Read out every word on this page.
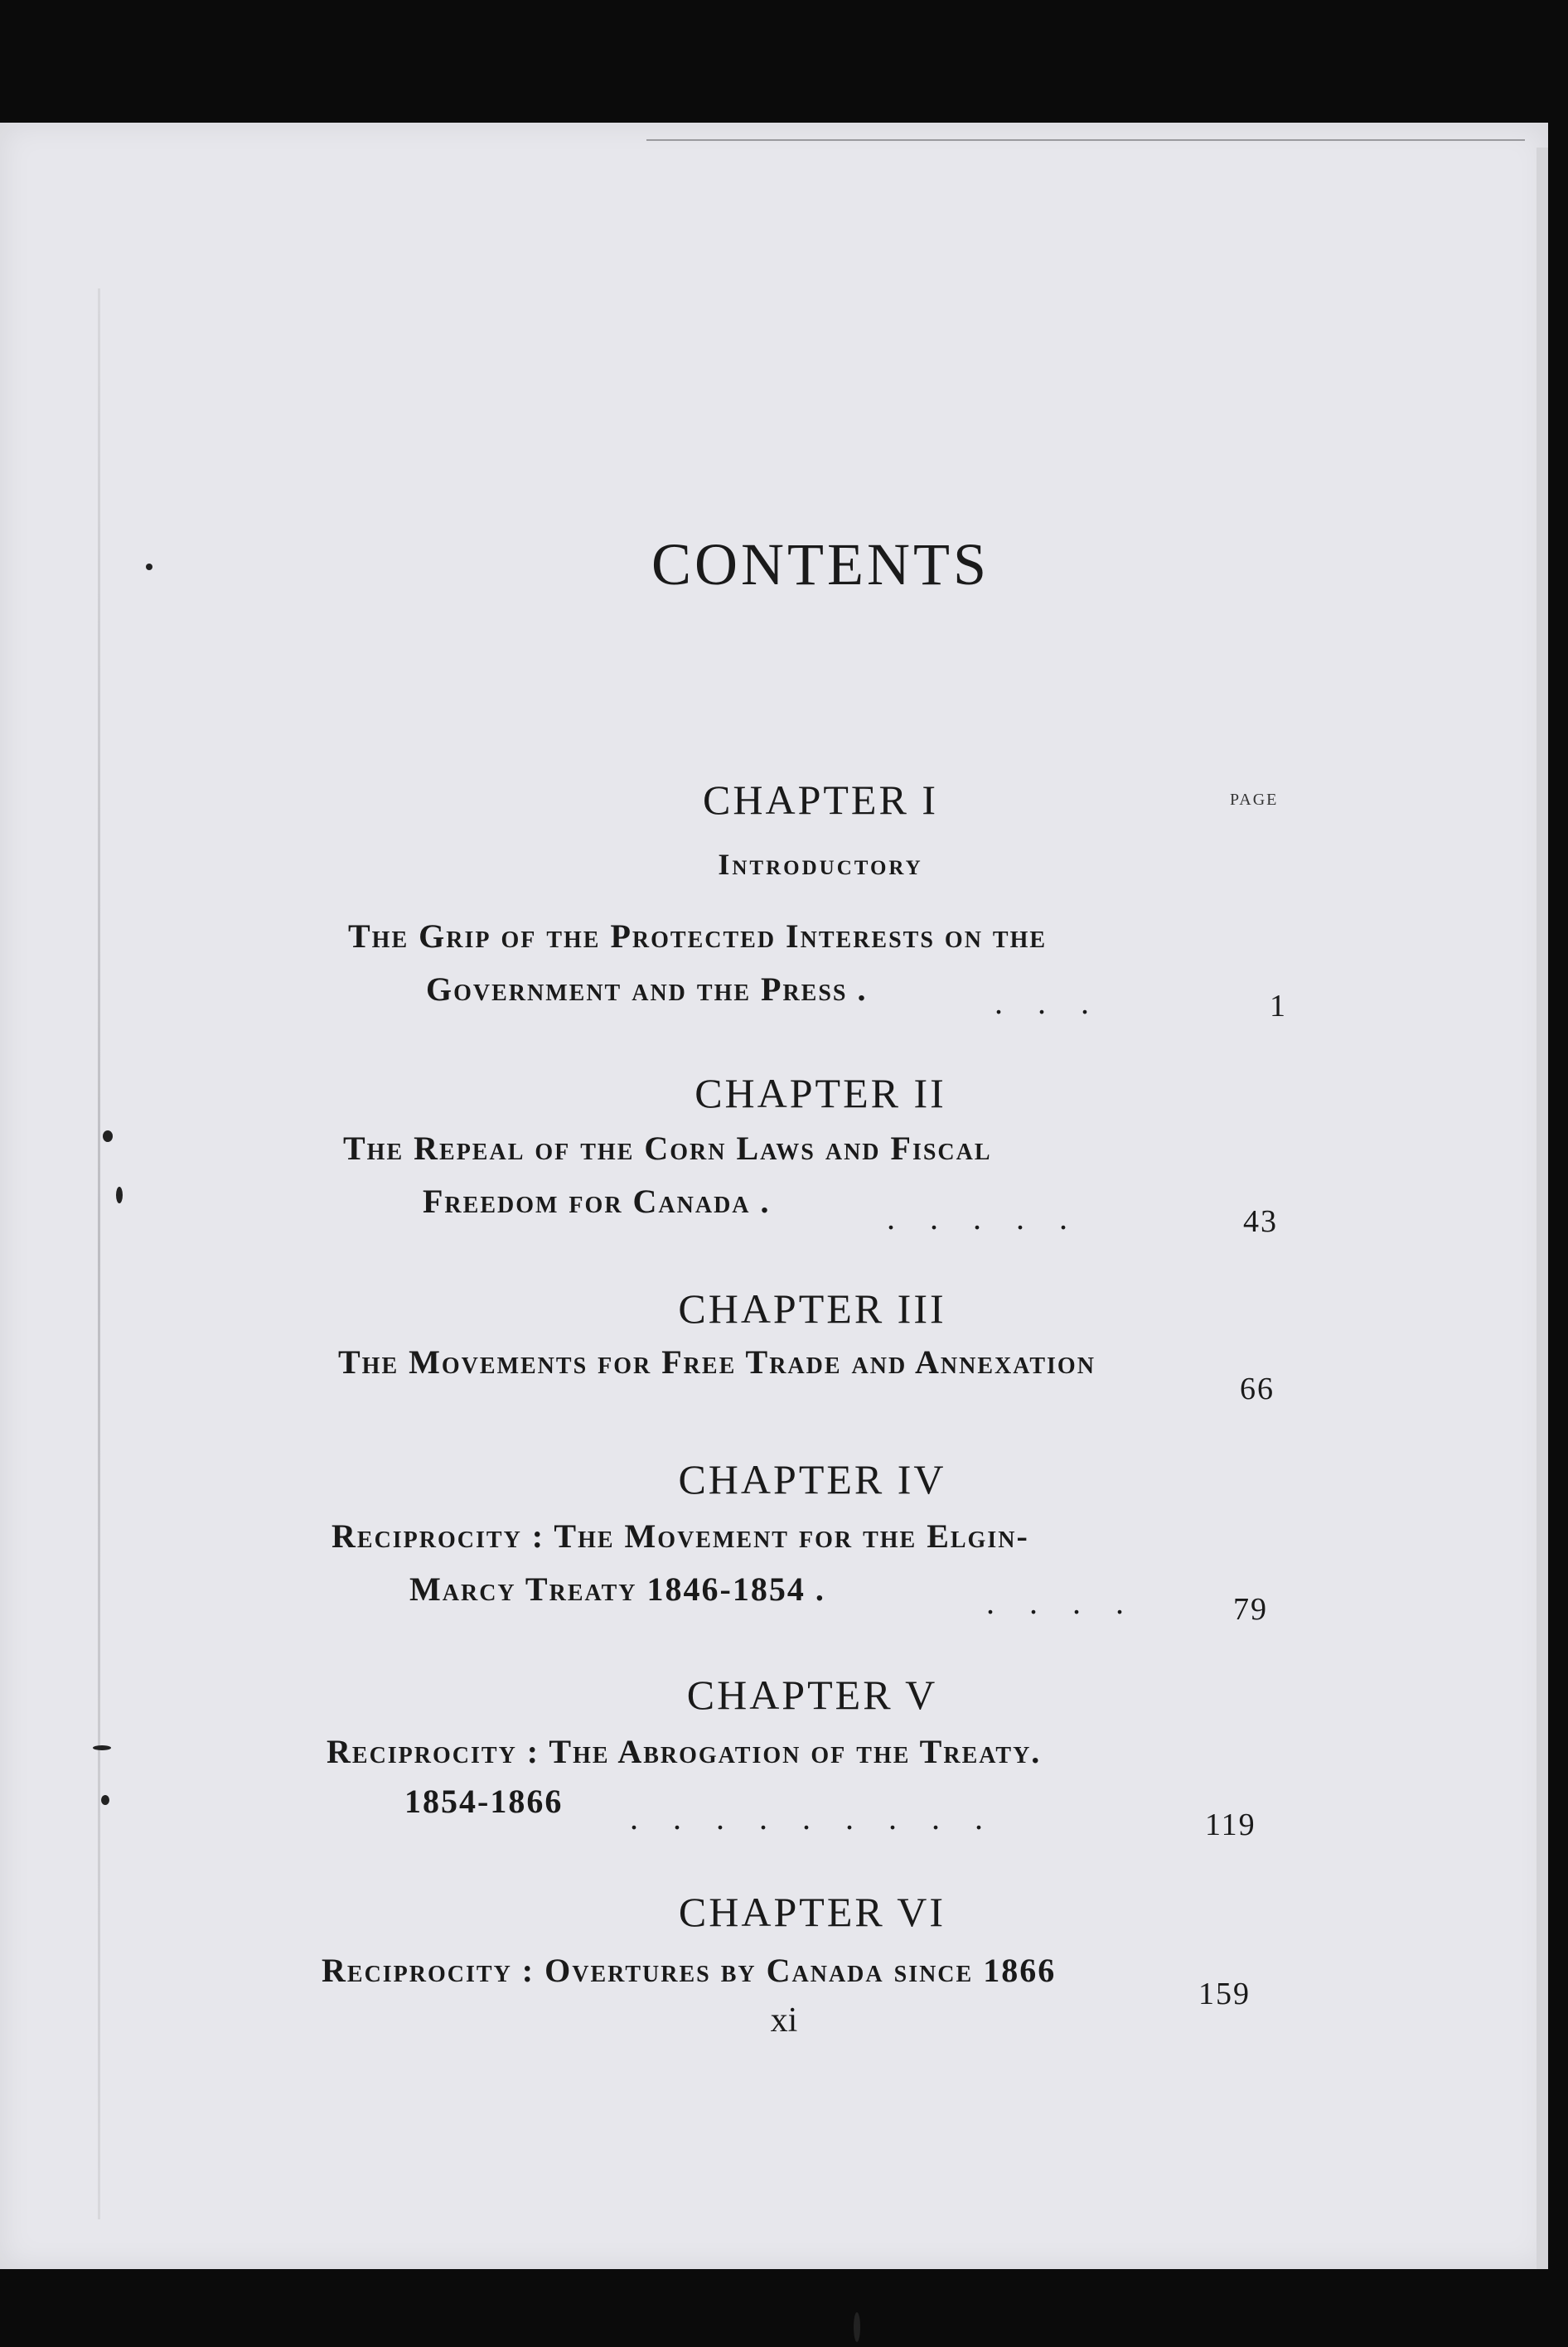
CONTENTS
CHAPTER I
Introductory
PAGE
The Grip of the Protected Interests on the
Government and the Press .	...	1
CHAPTER II
The Repeal of the Corn Laws and Fiscal
Freedom for Canada .	.....	43
CHAPTER III
The Movements for Free Trade and Annexation
66
CHAPTER IV
Reciprocity : The Movement for the Elgin-
Marcy Treaty 1846-1854 .	.... 79
CHAPTER V
Reciprocity : The Abrogation of the Treaty.
1854-1866 .........	119
CHAPTER VI
Reciprocity : Overtures by Canada since 1866
159
xi
